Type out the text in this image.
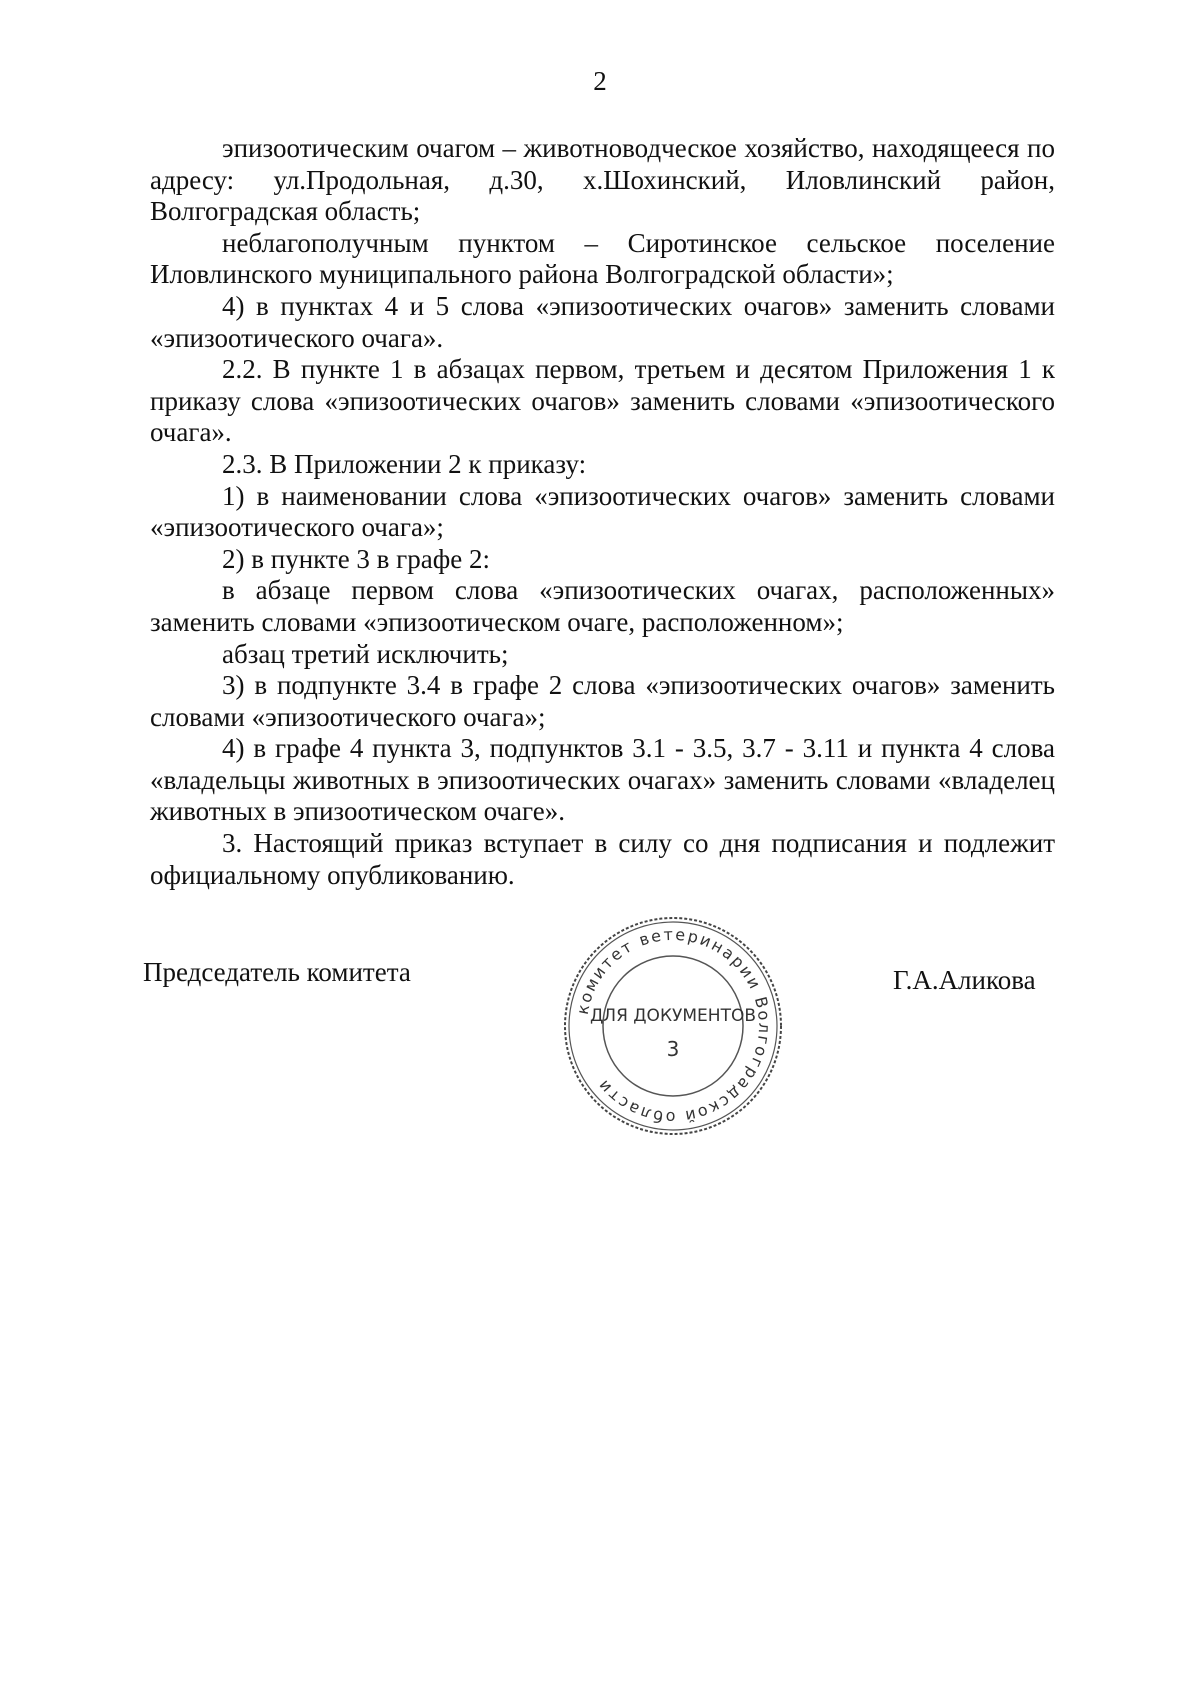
2

эпизоотическим очагом – животноводческое хозяйство, находящееся по адресу: ул.Продольная, д.30, х.Шохинский, Иловлинский район, Волгоградская область;

неблагополучным пунктом – Сиротинское сельское поселение Иловлинского муниципального района Волгоградской области»;

4) в пунктах 4 и 5 слова «эпизоотических очагов» заменить словами «эпизоотического очага».

2.2. В пункте 1 в абзацах первом, третьем и десятом Приложения 1 к приказу слова «эпизоотических очагов» заменить словами «эпизоотического очага».

2.3. В Приложении 2 к приказу:

1) в наименовании слова «эпизоотических очагов» заменить словами «эпизоотического очага»;

2) в пункте 3 в графе 2:

в абзаце первом слова «эпизоотических очагах, расположенных» заменить словами «эпизоотическом очаге, расположенном»;

абзац третий исключить;

3) в подпункте 3.4 в графе 2 слова «эпизоотических очагов» заменить словами «эпизоотического очага»;

4) в графе 4 пункта 3, подпунктов 3.1 - 3.5, 3.7 - 3.11 и пункта 4 слова «владельцы животных в эпизоотических очагах» заменить словами «владелец животных в эпизоотическом очаге».

3. Настоящий приказ вступает в силу со дня подписания и подлежит официальному опубликованию.

Председатель комитета
комитет ветеринарии Волгоградской области
ДЛЯ ДОКУМЕНТОВ
3
Г.А.Аликова
